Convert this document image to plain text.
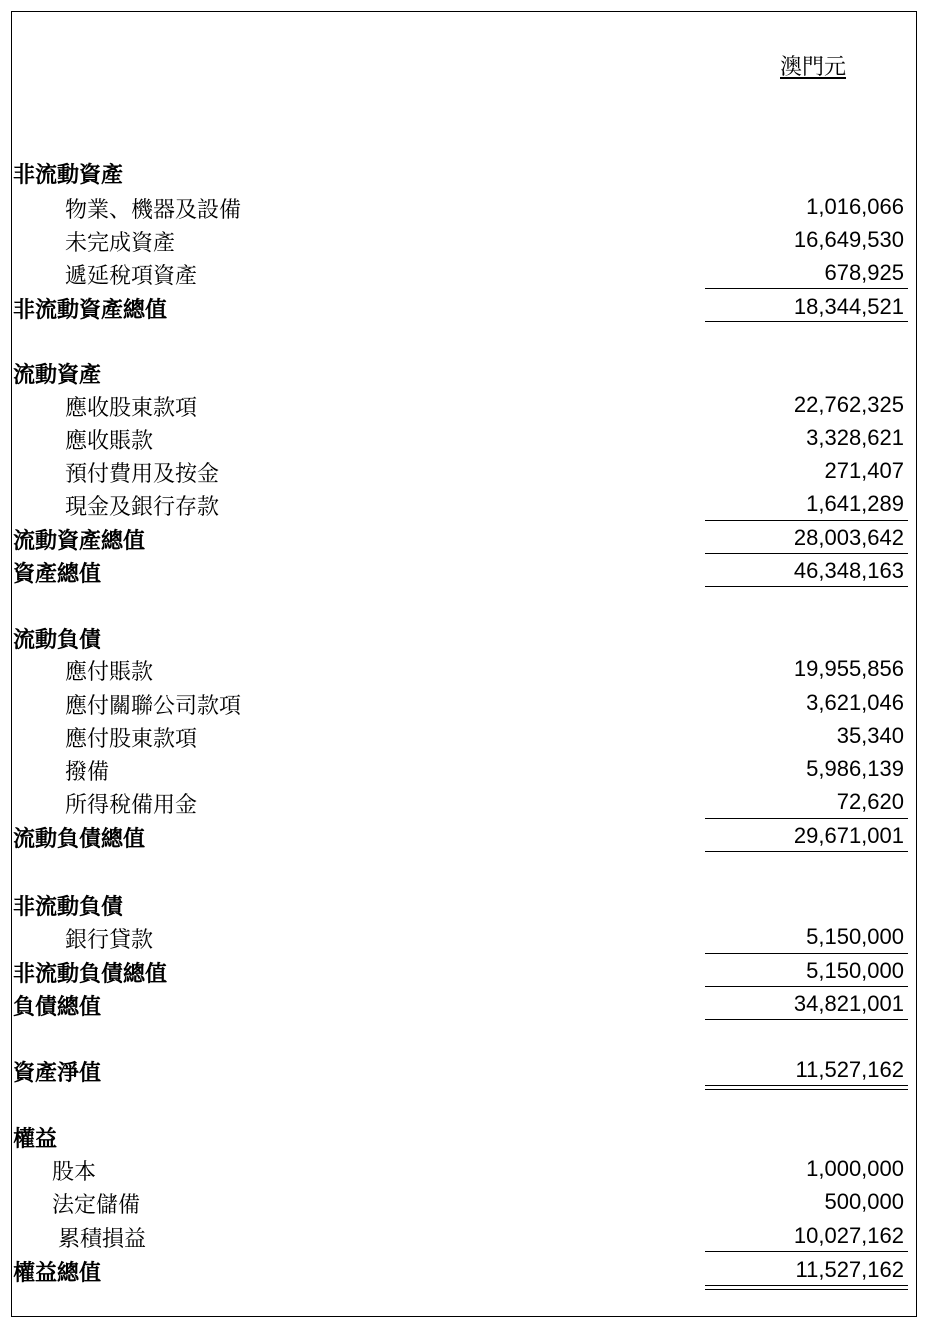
澳門元
非流動資產
物業、機器及設備	1,016,066
未完成資產	16,649,530
遞延稅項資產	678,925
非流動資產總值	18,344,521
流動資產
應收股東款項	22,762,325
應收賬款	3,328,621
預付費用及按金	271,407
現金及銀行存款	1,641,289
流動資產總值	28,003,642
資產總值	46,348,163
流動負債
應付賬款	19,955,856
應付關聯公司款項	3,621,046
應付股東款項	35,340
撥備	5,986,139
所得稅備用金	72,620
流動負債總值	29,671,001
非流動負債
銀行貸款	5,150,000
非流動負債總值	5,150,000
負債總值	34,821,001
資產淨值	11,527,162
權益
股本	1,000,000
法定儲備	500,000
累積損益	10,027,162
權益總值	11,527,162
